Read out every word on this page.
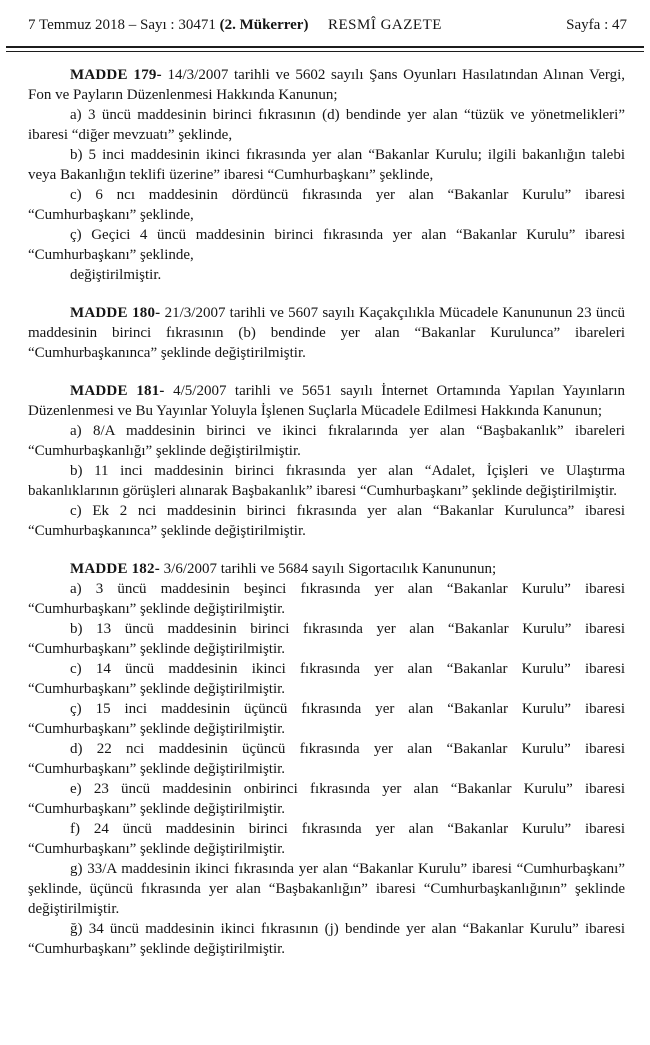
7 Temmuz 2018 – Sayı : 30471 (2. Mükerrer) RESMÎ GAZETE	Sayfa : 47

MADDE 179- 14/3/2007 tarihli ve 5602 sayılı Şans Oyunları Hasılatından Alınan Vergi, Fon ve Payların Düzenlenmesi Hakkında Kanunun;

a) 3 üncü maddesinin birinci fıkrasının (d) bendinde yer alan “tüzük ve yönetmelikleri” ibaresi “diğer mevzuatı” şeklinde,

b) 5 inci maddesinin ikinci fıkrasında yer alan “Bakanlar Kurulu; ilgili bakanlığın talebi veya Bakanlığın teklifi üzerine” ibaresi “Cumhurbaşkanı” şeklinde,

c) 6 ncı maddesinin dördüncü fıkrasında yer alan “Bakanlar Kurulu” ibaresi “Cumhurbaşkanı” şeklinde,

ç) Geçici 4 üncü maddesinin birinci fıkrasında yer alan “Bakanlar Kurulu” ibaresi “Cumhurbaşkanı” şeklinde,

değiştirilmiştir.

MADDE 180- 21/3/2007 tarihli ve 5607 sayılı Kaçakçılıkla Mücadele Kanununun 23 üncü maddesinin birinci fıkrasının (b) bendinde yer alan “Bakanlar Kurulunca” ibareleri “Cumhurbaşkanınca” şeklinde değiştirilmiştir.

MADDE 181- 4/5/2007 tarihli ve 5651 sayılı İnternet Ortamında Yapılan Yayınların Düzenlenmesi ve Bu Yayınlar Yoluyla İşlenen Suçlarla Mücadele Edilmesi Hakkında Kanunun;

a) 8/A maddesinin birinci ve ikinci fıkralarında yer alan “Başbakanlık” ibareleri “Cumhurbaşkanlığı” şeklinde değiştirilmiştir.

b) 11 inci maddesinin birinci fıkrasında yer alan “Adalet, İçişleri ve Ulaştırma bakanlıklarının görüşleri alınarak Başbakanlık” ibaresi “Cumhurbaşkanı” şeklinde değiştirilmiştir.

c) Ek 2 nci maddesinin birinci fıkrasında yer alan “Bakanlar Kurulunca” ibaresi “Cumhurbaşkanınca” şeklinde değiştirilmiştir.

MADDE 182- 3/6/2007 tarihli ve 5684 sayılı Sigortacılık Kanununun;

a) 3 üncü maddesinin beşinci fıkrasında yer alan “Bakanlar Kurulu” ibaresi “Cumhurbaşkanı” şeklinde değiştirilmiştir.

b) 13 üncü maddesinin birinci fıkrasında yer alan “Bakanlar Kurulu” ibaresi “Cumhurbaşkanı” şeklinde değiştirilmiştir.

c) 14 üncü maddesinin ikinci fıkrasında yer alan “Bakanlar Kurulu” ibaresi “Cumhurbaşkanı” şeklinde değiştirilmiştir.

ç) 15 inci maddesinin üçüncü fıkrasında yer alan “Bakanlar Kurulu” ibaresi “Cumhurbaşkanı” şeklinde değiştirilmiştir.

d) 22 nci maddesinin üçüncü fıkrasında yer alan “Bakanlar Kurulu” ibaresi “Cumhurbaşkanı” şeklinde değiştirilmiştir.

e) 23 üncü maddesinin onbirinci fıkrasında yer alan “Bakanlar Kurulu” ibaresi “Cumhurbaşkanı” şeklinde değiştirilmiştir.

f) 24 üncü maddesinin birinci fıkrasında yer alan “Bakanlar Kurulu” ibaresi “Cumhurbaşkanı” şeklinde değiştirilmiştir.

g) 33/A maddesinin ikinci fıkrasında yer alan “Bakanlar Kurulu” ibaresi “Cumhurbaşkanı” şeklinde, üçüncü fıkrasında yer alan “Başbakanlığın” ibaresi “Cumhurbaşkanlığının” şeklinde değiştirilmiştir.

ğ) 34 üncü maddesinin ikinci fıkrasının (j) bendinde yer alan “Bakanlar Kurulu” ibaresi “Cumhurbaşkanı” şeklinde değiştirilmiştir.
